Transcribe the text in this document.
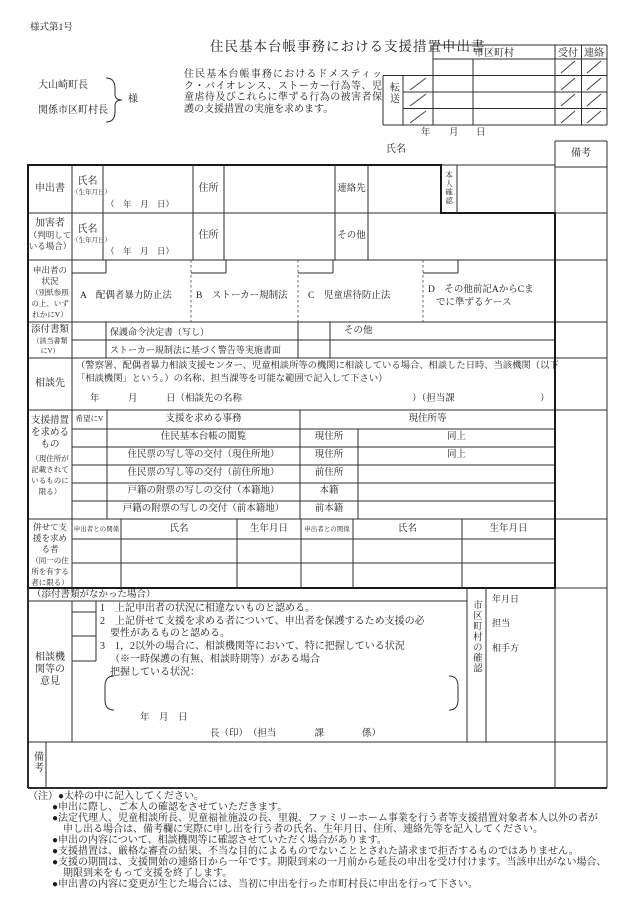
様式第1号
住民基本台帳事務における支援措置申出書
大山崎町長
関係市区町村長
様
住民基本台帳事務におけるドメスティック・バイオレンス、ストーカー行為等、児童虐待及びこれらに準ずる行為の被害者保護の支援措置の実施を求めます。
市区町村	受付 連絡
転送
年 月 日
氏名	備考
申出書
氏名
（生年月日）
（　年　月　日）
住所	連絡先	本人確認
加害者
（判明して
いる場合）
氏名
（生年月日）
（　年　月　日）
住所	その他
申出者の
状況
（別紙参照
の上、いず
れかにV）
A　配偶者暴力防止法	B　ストーカー規制法 C　児童虐待防止法
D　その他前記AからCま
でに準ずるケース
添付書類
（該当書類
にV）
保護命令決定書（写し）
ストーカー規制法に基づく警告等実施書面
その他
相談先
（警察署、配偶者暴力相談支援センター、児童相談所等の機関に相談している場合、相談した日時、当該機関（以下
「相談機関」という。）の名称、担当課等を可能な範囲で記入して下さい）
年　　　月　　　日（相談先の名称	）（担当課	）
支援措置
を求める
もの
（現住所が
記載されて
いるものに
限る）
希望にV	支援を求める事務	現住所等
住民基本台帳の閲覧	現住所	同上
住民票の写し等の交付（現住所地）	現住所	同上
住民票の写し等の交付（前住所地）	前住所
戸籍の附票の写しの交付（本籍地）	本籍
戸籍の附票の写しの交付（前本籍地）	前本籍
併せて支
援を求め
る者
（同一の住
所を有する
者に限る）
申出者との関係	氏名	生年月日	申出者との関係	氏名	生年月日
（添付書類がなかった場合）
相談機
関等の
意見
1　上記申出者の状況に相違ないものと認める。
2　上記併せて支援を求める者について、申出者を保護するため支援の必
要性があるものと認める。
3　1，2以外の場合に、相談機関等において、特に把握している状況
（※一時保護の有無、相談時期等）がある場合
把握している状況：
年　月　日
長（印）　（担当　　　　課　　　　係）
市区町村の確認
年月日
担当
相手方
備考
（注）●太枠の中に記入してください。
●申出に際し、ご本人の確認をさせていただきます。
●法定代理人、児童相談所長、児童福祉施設の長、里親、ファミリーホーム事業を行う者等支援措置対象者本人以外の者が
申し出る場合は、備考欄に実際に申し出を行う者の氏名、生年月日、住所、連絡先等を記入してください。
●申出の内容について、相談機関等に確認させていただく場合があります。
●支援措置は、厳格な審査の結果、不当な目的によるものでないこととされた請求まで拒否するものではありません。
●支援の期間は、支援開始の連絡日から一年です。期限到来の一月前から延長の申出を受け付けます。当該申出がない場合、
期限到来をもって支援を終了します。
●申出書の内容に変更が生じた場合には、当初に申出を行った市町村長に申出を行って下さい。
